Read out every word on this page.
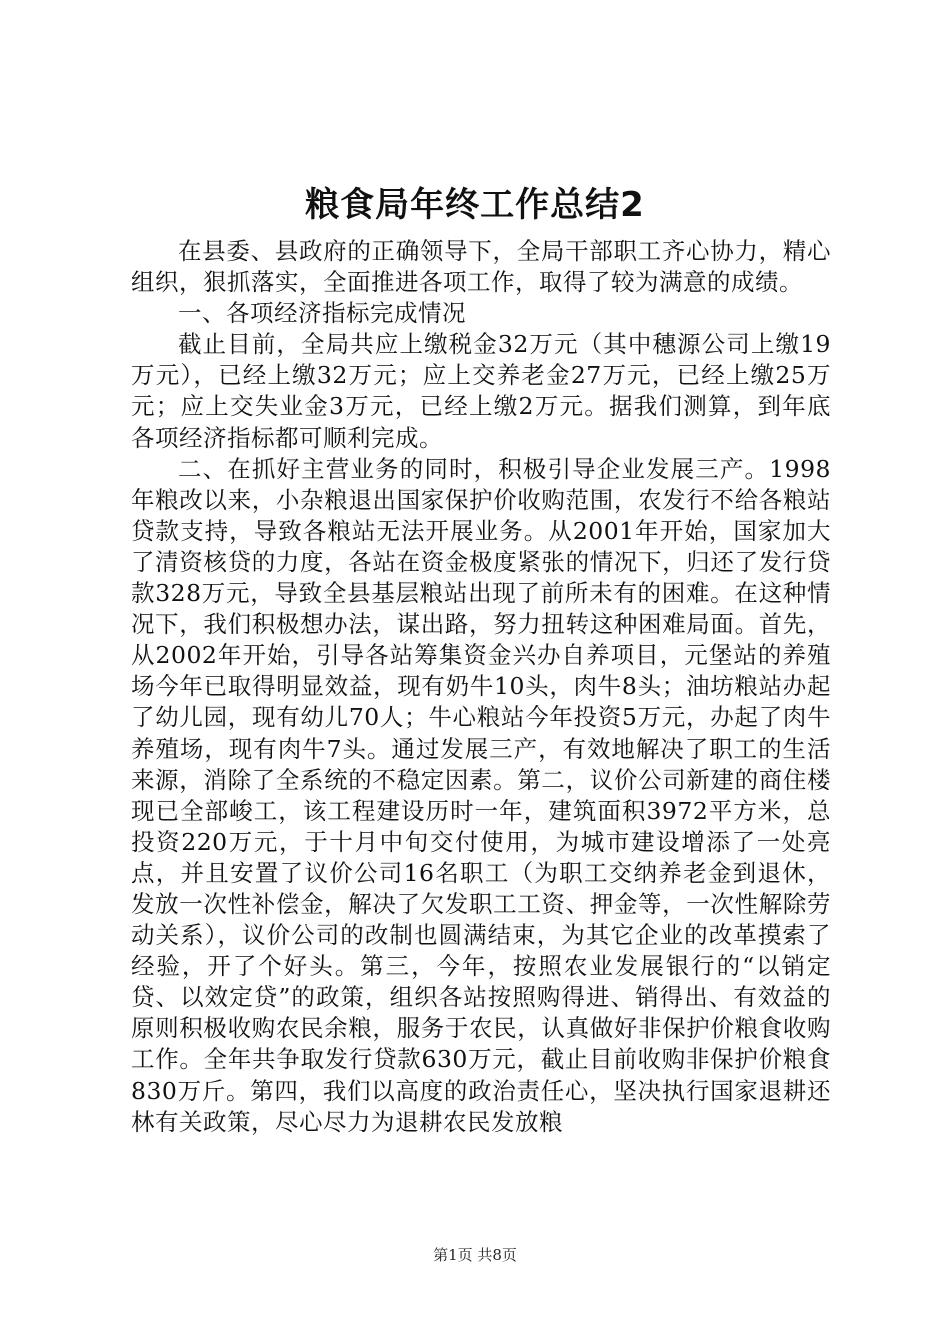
粮食局年终工作总结2

在县委、县政府的正确领导下，全局干部职工齐心协力，精心组织，狠抓落实，全面推进各项工作，取得了较为满意的成绩。

一、各项经济指标完成情况

截止目前，全局共应上缴税金32万元（其中穗源公司上缴19万元），已经上缴32万元；应上交养老金27万元，已经上缴25万元；应上交失业金3万元，已经上缴2万元。据我们测算，到年底各项经济指标都可顺利完成。

二、在抓好主营业务的同时，积极引导企业发展三产。1998年粮改以来，小杂粮退出国家保护价收购范围，农发行不给各粮站贷款支持，导致各粮站无法开展业务。从2001年开始，国家加大了清资核贷的力度，各站在资金极度紧张的情况下，归还了发行贷款328万元，导致全县基层粮站出现了前所未有的困难。在这种情况下，我们积极想办法，谋出路，努力扭转这种困难局面。首先，从2002年开始，引导各站筹集资金兴办自养项目，元堡站的养殖场今年已取得明显效益，现有奶牛10头，肉牛8头；油坊粮站办起了幼儿园，现有幼儿70人；牛心粮站今年投资5万元，办起了肉牛养殖场，现有肉牛7头。通过发展三产，有效地解决了职工的生活来源，消除了全系统的不稳定因素。第二，议价公司新建的商住楼现已全部峻工，该工程建设历时一年，建筑面积3972平方米，总投资220万元，于十月中旬交付使用，为城市建设增添了一处亮点，并且安置了议价公司16名职工（为职工交纳养老金到退休，发放一次性补偿金，解决了欠发职工工资、押金等，一次性解除劳动关系），议价公司的改制也圆满结束，为其它企业的改革摸索了经验，开了个好头。第三，今年，按照农业发展银行的“以销定贷、以效定贷”的政策，组织各站按照购得进、销得出、有效益的原则积极收购农民余粮，服务于农民，认真做好非保护价粮食收购工作。全年共争取发行贷款630万元，截止目前收购非保护价粮食830万斤。第四，我们以高度的政治责任心，坚决执行国家退耕还林有关政策，尽心尽力为退耕农民发放粮

第1页 共8页
